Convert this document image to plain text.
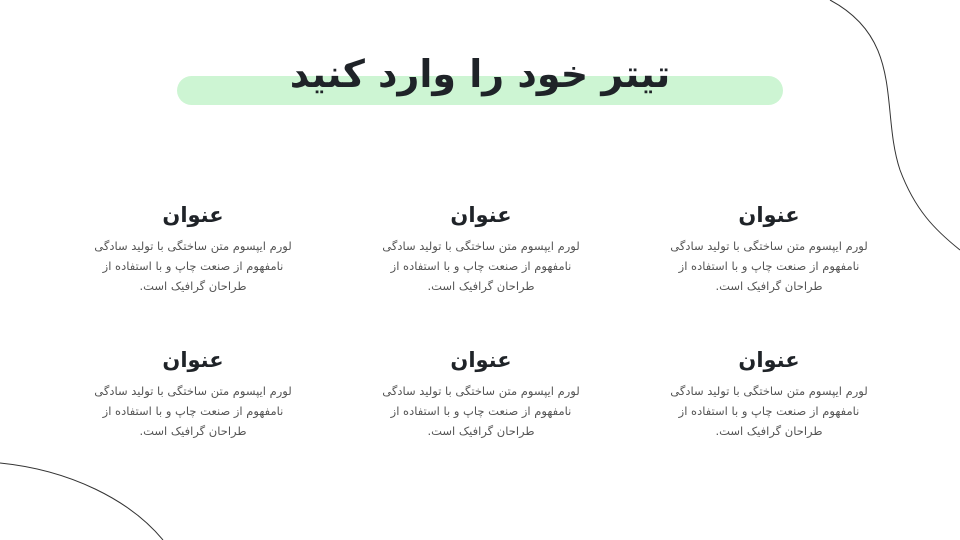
تیتر خود را وارد کنید
عنوان

لورم ایپسوم متن ساختگی با تولید سادگی نامفهوم از صنعت چاپ و با استفاده از طراحان گرافیک است.

عنوان

لورم ایپسوم متن ساختگی با تولید سادگی نامفهوم از صنعت چاپ و با استفاده از طراحان گرافیک است.

عنوان

لورم ایپسوم متن ساختگی با تولید سادگی نامفهوم از صنعت چاپ و با استفاده از طراحان گرافیک است.

عنوان

لورم ایپسوم متن ساختگی با تولید سادگی نامفهوم از صنعت چاپ و با استفاده از طراحان گرافیک است.

عنوان

لورم ایپسوم متن ساختگی با تولید سادگی نامفهوم از صنعت چاپ و با استفاده از طراحان گرافیک است.

عنوان

لورم ایپسوم متن ساختگی با تولید سادگی نامفهوم از صنعت چاپ و با استفاده از طراحان گرافیک است.
